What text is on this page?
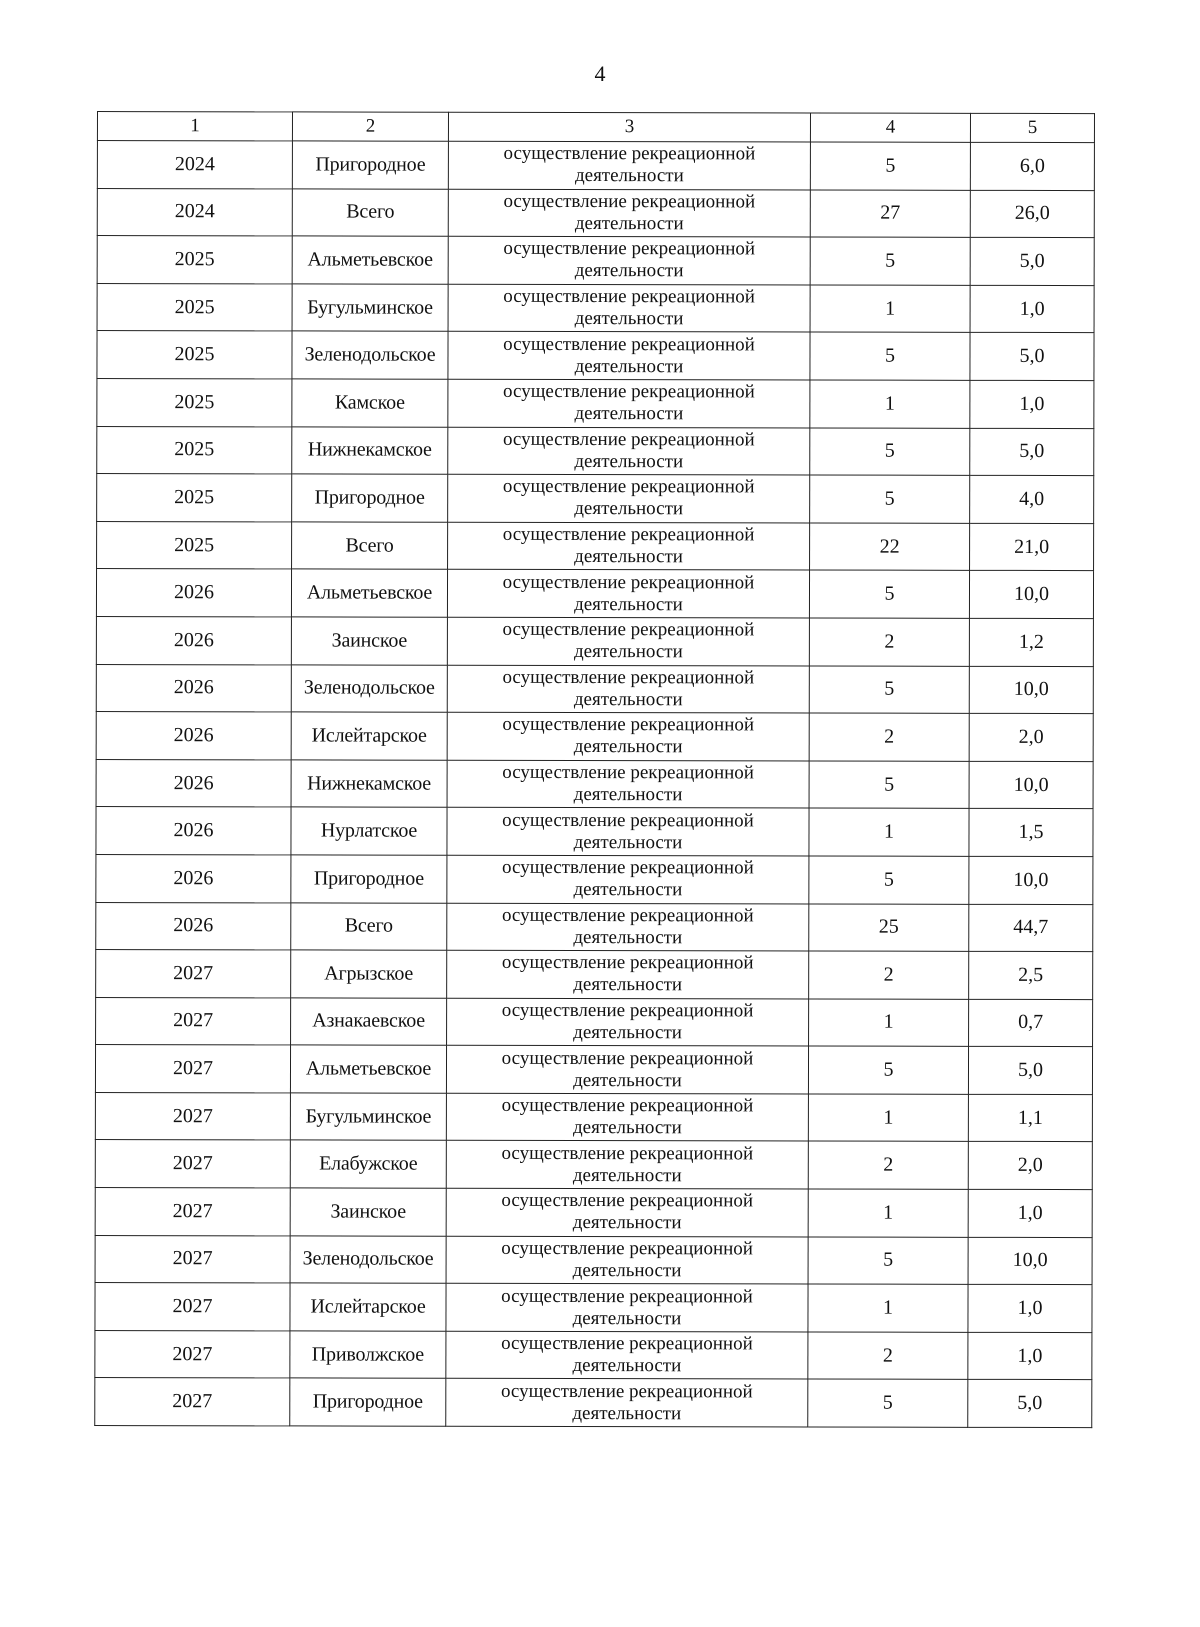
4
1	2	3	4	5
2024	Пригородное	осуществление рекреационной деятельности	5	6,0
2024	Всего	осуществление рекреационной деятельности	27	26,0
2025	Альметьевское	осуществление рекреационной деятельности	5	5,0
2025	Бугульминское	осуществление рекреационной деятельности	1	1,0
2025	Зеленодольское	осуществление рекреационной деятельности	5	5,0
2025	Камское	осуществление рекреационной деятельности	1	1,0
2025	Нижнекамское	осуществление рекреационной деятельности	5	5,0
2025	Пригородное	осуществление рекреационной деятельности	5	4,0
2025	Всего	осуществление рекреационной деятельности	22	21,0
2026	Альметьевское	осуществление рекреационной деятельности	5	10,0
2026	Заинское	осуществление рекреационной деятельности	2	1,2
2026	Зеленодольское	осуществление рекреационной деятельности	5	10,0
2026	Ислейтарское	осуществление рекреационной деятельности	2	2,0
2026	Нижнекамское	осуществление рекреационной деятельности	5	10,0
2026	Нурлатское	осуществление рекреационной деятельности	1	1,5
2026	Пригородное	осуществление рекреационной деятельности	5	10,0
2026	Всего	осуществление рекреационной деятельности	25	44,7
2027	Агрызское	осуществление рекреационной деятельности	2	2,5
2027	Азнакаевское	осуществление рекреационной деятельности	1	0,7
2027	Альметьевское	осуществление рекреационной деятельности	5	5,0
2027	Бугульминское	осуществление рекреационной деятельности	1	1,1
2027	Елабужское	осуществление рекреационной деятельности	2	2,0
2027	Заинское	осуществление рекреационной деятельности	1	1,0
2027	Зеленодольское	осуществление рекреационной деятельности	5	10,0
2027	Ислейтарское	осуществление рекреационной деятельности	1	1,0
2027	Приволжское	осуществление рекреационной деятельности	2	1,0
2027	Пригородное	осуществление рекреационной деятельности	5	5,0
